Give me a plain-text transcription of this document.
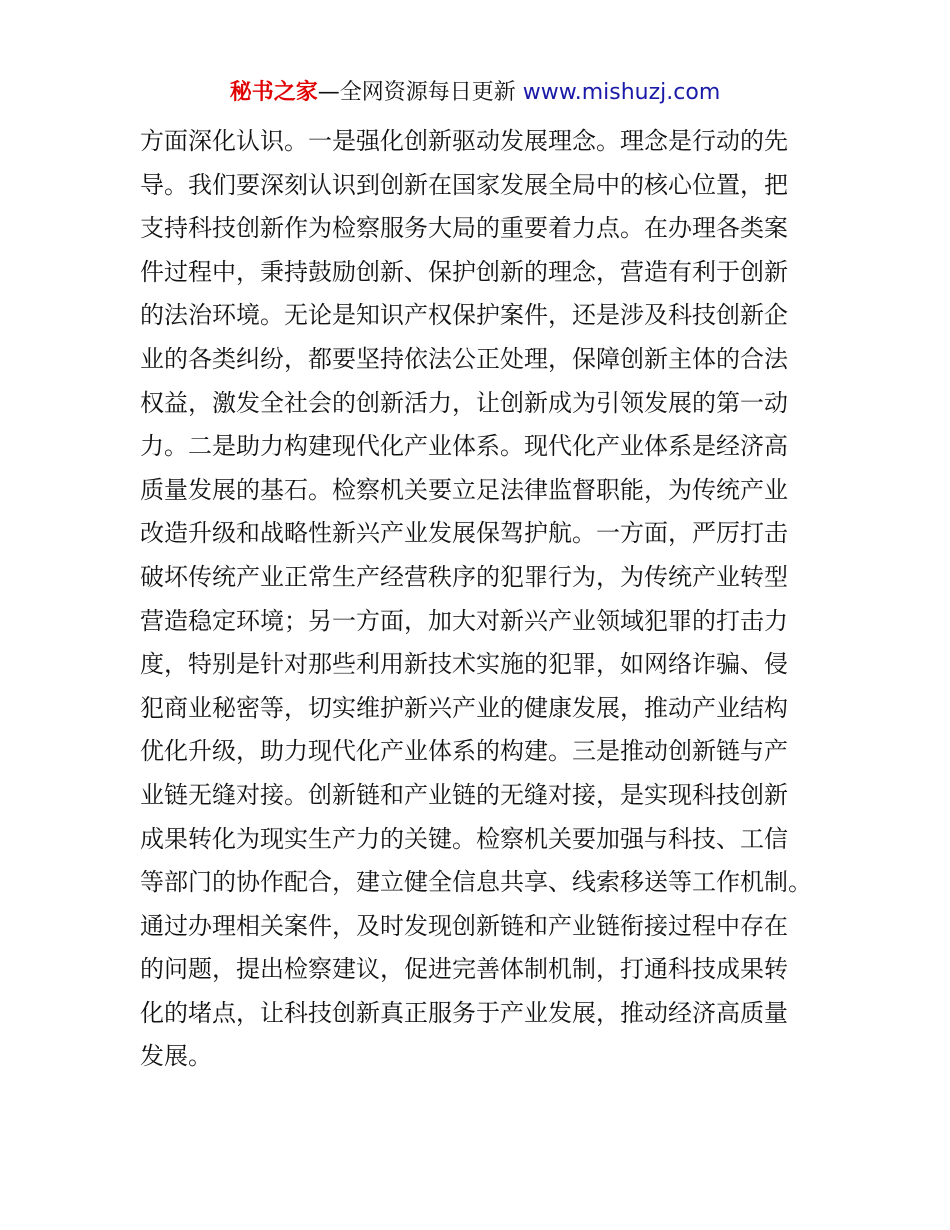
秘书之家—全网资源每日更新 www.mishuzj.com
方面深化认识。一是强化创新驱动发展理念。理念是行动的先
导。我们要深刻认识到创新在国家发展全局中的核心位置，把
支持科技创新作为检察服务大局的重要着力点。在办理各类案
件过程中，秉持鼓励创新、保护创新的理念，营造有利于创新
的法治环境。无论是知识产权保护案件，还是涉及科技创新企
业的各类纠纷，都要坚持依法公正处理，保障创新主体的合法
权益，激发全社会的创新活力，让创新成为引领发展的第一动
力。二是助力构建现代化产业体系。现代化产业体系是经济高
质量发展的基石。检察机关要立足法律监督职能，为传统产业
改造升级和战略性新兴产业发展保驾护航。一方面，严厉打击
破坏传统产业正常生产经营秩序的犯罪行为，为传统产业转型
营造稳定环境；另一方面，加大对新兴产业领域犯罪的打击力
度，特别是针对那些利用新技术实施的犯罪，如网络诈骗、侵
犯商业秘密等，切实维护新兴产业的健康发展，推动产业结构
优化升级，助力现代化产业体系的构建。三是推动创新链与产
业链无缝对接。创新链和产业链的无缝对接，是实现科技创新
成果转化为现实生产力的关键。检察机关要加强与科技、工信
等部门的协作配合，建立健全信息共享、线索移送等工作机制。
通过办理相关案件，及时发现创新链和产业链衔接过程中存在
的问题，提出检察建议，促进完善体制机制，打通科技成果转
化的堵点，让科技创新真正服务于产业发展，推动经济高质量
发展。
